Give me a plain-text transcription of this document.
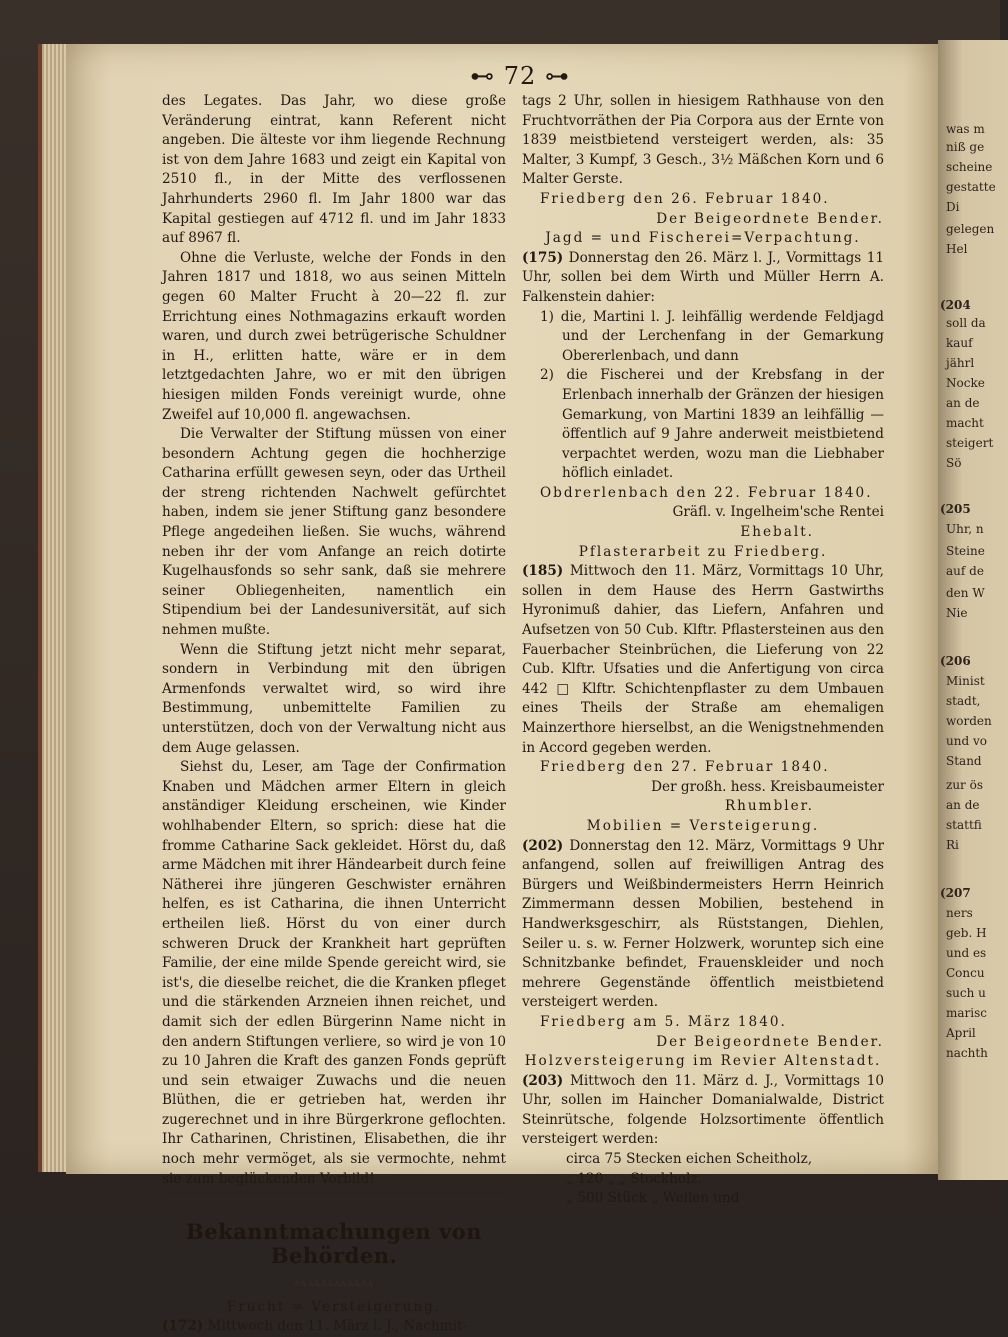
was m
niß ge
scheine
gestatte
Di
gelegen
Hel
(204
soll da
kauf
jährl
Nocke
an de
macht
steigert
Sö
(205
Uhr, n
Steine
auf de
den W
Nie
(206
Minist
stadt,
worden
und vo
Stand
zur ös
an de
stattfi
Ri
(207
ners
geb. H
und es
Concu
such u
marisc
April
nachth
⊷ 72 ⊶

des Legates. Das Jahr, wo diese große Veränderung eintrat, kann Referent nicht angeben. Die älteste vor ihm liegende Rechnung ist von dem Jahre 1683 und zeigt ein Kapital von 2510 fl., in der Mitte des verflossenen Jahrhunderts 2960 fl. Im Jahr 1800 war das Kapital gestiegen auf 4712 fl. und im Jahr 1833 auf 8967 fl.

Ohne die Verluste, welche der Fonds in den Jahren 1817 und 1818, wo aus seinen Mitteln gegen 60 Malter Frucht à 20—22 fl. zur Errichtung eines Nothmagazins erkauft worden waren, und durch zwei betrügerische Schuldner in H., erlitten hatte, wäre er in dem letztgedachten Jahre, wo er mit den übrigen hiesigen milden Fonds vereinigt wurde, ohne Zweifel auf 10,000 fl. angewachsen.

Die Verwalter der Stiftung müssen von einer besondern Achtung gegen die hochherzige Catharina erfüllt gewesen seyn, oder das Urtheil der streng richtenden Nachwelt gefürchtet haben, indem sie jener Stiftung ganz besondere Pflege angedeihen ließen. Sie wuchs, während neben ihr der vom Anfange an reich dotirte Kugelhausfonds so sehr sank, daß sie mehrere seiner Obliegenheiten, namentlich ein Stipendium bei der Landesuniversität, auf sich nehmen mußte.

Wenn die Stiftung jetzt nicht mehr separat, sondern in Verbindung mit den übrigen Armenfonds verwaltet wird, so wird ihre Bestimmung, unbemittelte Familien zu unterstützen, doch von der Verwaltung nicht aus dem Auge gelassen.

Siehst du, Leser, am Tage der Confirmation Knaben und Mädchen armer Eltern in gleich anständiger Kleidung erscheinen, wie Kinder wohlhabender Eltern, so sprich: diese hat die fromme Catharine Sack gekleidet. Hörst du, daß arme Mädchen mit ihrer Händearbeit durch feine Nätherei ihre jüngeren Geschwister ernähren helfen, es ist Catharina, die ihnen Unterricht ertheilen ließ. Hörst du von einer durch schweren Druck der Krankheit hart geprüften Familie, der eine milde Spende gereicht wird, sie ist's, die dieselbe reichet, die die Kranken pfleget und die stärkenden Arzneien ihnen reichet, und damit sich der edlen Bürgerinn Name nicht in den andern Stiftungen verliere, so wird je von 10 zu 10 Jahren die Kraft des ganzen Fonds geprüft und sein etwaiger Zuwachs und die neuen Blüthen, die er getrieben hat, werden ihr zugerechnet und in ihre Bürgerkrone geflochten. Ihr Catharinen, Christinen, Elisabethen, die ihr noch mehr vermöget, als sie vermochte, nehmt sie zum beglückenden Vorbild!

Bekanntmachungen von Behörden.
ʌʌʌʌʌʌʌʌʌʌʌʌ
Frucht = Versteigerung.

(172) Mittwoch den 11. März l. J., Nachmit-

tags 2 Uhr, sollen in hiesigem Rathhause von den Fruchtvorräthen der Pia Corpora aus der Ernte von 1839 meistbietend versteigert werden, als: 35 Malter, 3 Kumpf, 3 Gesch., 3½ Mäßchen Korn und 6 Malter Gerste.

Friedberg den 26. Februar 1840.

Der Beigeordnete Bender.

Jagd = und Fischerei=Verpachtung.

(175) Donnerstag den 26. März l. J., Vormittags 11 Uhr, sollen bei dem Wirth und Müller Herrn A. Falkenstein dahier:

1) die, Martini l. J. leihfällig werdende Feldjagd und der Lerchenfang in der Gemarkung Obererlenbach, und dann

2) die Fischerei und der Krebsfang in der Erlenbach innerhalb der Gränzen der hiesigen Gemarkung, von Martini 1839 an leihfällig — öffentlich auf 9 Jahre anderweit meistbietend verpachtet werden, wozu man die Liebhaber höflich einladet.

Obdrerlenbach den 22. Februar 1840.

Gräfl. v. Ingelheim'sche Rentei

Ehebalt.

Pflasterarbeit zu Friedberg.

(185) Mittwoch den 11. März, Vormittags 10 Uhr, sollen in dem Hause des Herrn Gastwirths Hyronimuß dahier, das Liefern, Anfahren und Aufsetzen von 50 Cub. Klftr. Pflastersteinen aus den Fauerbacher Steinbrüchen, die Lieferung von 22 Cub. Klftr. Ufsaties und die Anfertigung von circa 442 □ Klftr. Schichtenpflaster zu dem Umbauen eines Theils der Straße am ehemaligen Mainzerthore hierselbst, an die Wenigstnehmenden in Accord gegeben werden.

Friedberg den 27. Februar 1840.

Der großh. hess. Kreisbaumeister

Rhumbler.

Mobilien = Versteigerung.

(202) Donnerstag den 12. März, Vormittags 9 Uhr anfangend, sollen auf freiwilligen Antrag des Bürgers und Weißbindermeisters Herrn Heinrich Zimmermann dessen Mobilien, bestehend in Handwerksgeschirr, als Rüststangen, Diehlen, Seiler u. s. w. Ferner Holzwerk, woruntер sich eine Schnitzbanke befindet, Frauenskleider und noch mehrere Gegenstände öffentlich meistbietend versteigert werden.

Friedberg am 5. März 1840.

Der Beigeordnete Bender.

Holzversteigerung im Revier Altenstadt.

(203) Mittwoch den 11. März d. J., Vormittags 10 Uhr, sollen im Haincher Domanialwalde, District Steinrütsche, folgende Holzsortimente öffentlich versteigert werden:

circa 75 Stecken eichen Scheitholz,
„ 120 „ „ Stockholz,
„ 500 Stück „ Wellen und
